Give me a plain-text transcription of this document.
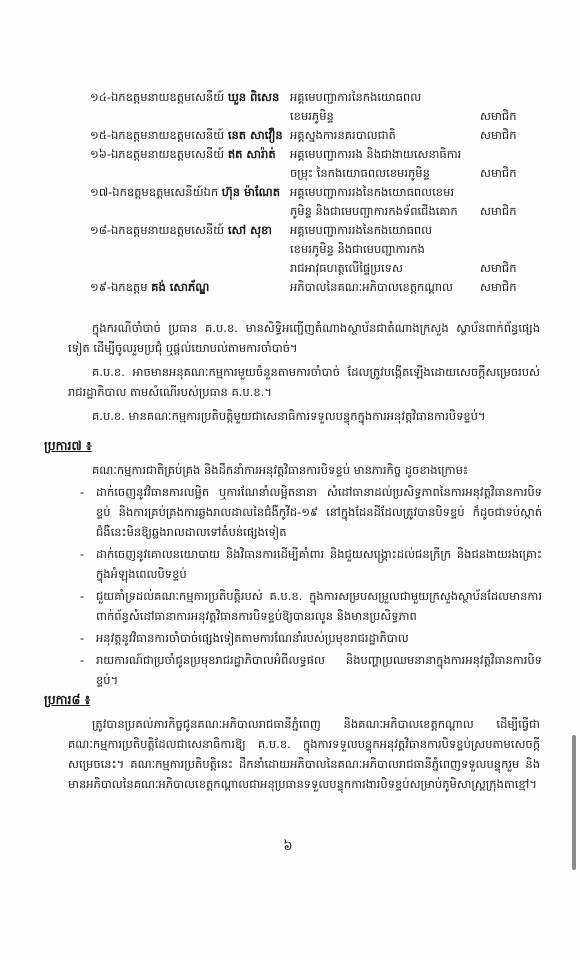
១៤-ឯកឧត្តមនាយឧត្តមសេនីយ៍ ឃួន ពិសេន អគ្គមេបញ្ជាការនៃកងយោធពល
ខេមរភូមិន្ទ	សមាជិក
១៥-ឯកឧត្តមនាយឧត្តមសេនីយ៍ នេត សាវឿន អគ្គស្នងការនគរបាលជាតិ	សមាជិក
១៦-ឯកឧត្តមនាយឧត្តមសេនីយ៍ ឥត សារ៉ាត់	អគ្គមេបញ្ជាការរង និងជាងាយសេនាធិការ
ចម្រុះ នៃកងយោធពលខេមរភូមិន្ទ	សមាជិក
១៧-ឯកឧត្តមឧត្តមសេនីយ៍ឯក ហ៊ុន ម៉ាណែត អគ្គមេបញ្ជាការរងនៃកងយោធពលខេមរ
ភូមិន្ទ និងជាមេបញ្ជាការកងទ័ពជើងគោក	សមាជិក
១៨-ឯកឧត្តមនាយឧត្តមសេនីយ៍ សៅ សុខា	អគ្គមេបញ្ជាការរងនៃកងយោធពល
ខេមរភូមិន្ទ និងជាមេបញ្ជាការកង
រាជអាវុធហត្ថលើផ្ទៃប្រទេស	សមាជិក
១៩-ឯកឧត្តម គង់ សោភ័ណ្ឌ	អភិបាលនៃគណៈអភិបាលខេត្តកណ្តាល	សមាជិក

ក្នុងករណីចាំបាច់ ប្រធាន គ.ប.ខ. មានសិទ្ធិអញ្ជើញតំណាងស្ថាប័នជាតំណាងក្រសួង ស្ថាប័នពាក់ព័ន្ធផ្សេងទៀត ដើម្បីចូលរួមប្រជុំ ឬផ្តល់យោបល់តាមការចាំបាច់។

គ.ប.ខ. អាចមានអនុគណៈកម្មការមួយចំនួនតាមការចាំបាច់ ដែលត្រូវបង្កើតឡើងដោយសេចក្តីសម្រេចរបស់រាជរដ្ឋាភិបាល តាមសំណើរបស់ប្រធាន គ.ប.ខ.។

គ.ប.ខ. មានគណៈកម្មការប្រតិបត្តិមួយជាសេនាធិការទទួលបន្ទុកក្នុងការអនុវត្តវិធានការបិទខ្ទប់។

ប្រការ៧ ៖

គណៈកម្មការជាតិគ្រប់គ្រង និងដឹកនាំការអនុវត្តវិធានការបិទខ្ទប់ មានភារកិច្ច ដូចខាងក្រោម៖

- ដាក់ចេញនូវវិធានការលម្អិត ឬការណែនាំលម្អិតនានា សំដៅធានាដល់ប្រសិទ្ធភាពនៃការអនុវត្តវិធានការបិទខ្ទប់ និងការគ្រប់គ្រងការឆ្លងរាលដាលនៃជំងឺកូវីដ-១៩ នៅក្នុងដែនដីដែលត្រូវបានបិទខ្ទប់ ក៏ដូចជាទប់ស្កាត់ជំងឺនេះមិនឱ្យឆ្លងរាលដាលទៅតំបន់ផ្សេងទៀត
- ដាក់ចេញនូវគោលនយោបាយ និងវិធានការដើម្បីគាំពារ និងជួយសង្គ្រោះដល់ជនក្រីក្រ និងជនងាយរងគ្រោះក្នុងអំឡុងពេលបិទខ្ទប់
- ជួយគាំទ្រដល់គណៈកម្មការប្រតិបត្តិរបស់ គ.ប.ខ. ក្នុងការសម្របសម្រួលជាមួយក្រសួងស្ថាប័នដែលមានការពាក់ព័ន្ធសំដៅធានាការអនុវត្តវិធានការបិទខ្ទប់ឱ្យបានរលូន និងមានប្រសិទ្ធភាព
- អនុវត្តនូវវិធានការចាំបាច់ផ្សេងទៀតតាមការណែនាំរបស់ប្រមុខរាជរដ្ឋាភិបាល
- រាយការណ៍ជាប្រចាំជូនប្រមុខរាជរដ្ឋាភិបាលអំពីលទ្ធផល និងបញ្ហាប្រឈមនានាក្នុងការអនុវត្តវិធានការបិទខ្ទប់។
ប្រការ៨ ៖

ត្រូវបានប្រគល់ភារកិច្ចជូនគណៈអភិបាលរាជធានីភ្នំពេញ និងគណៈអភិបាលខេត្តកណ្តាល ដើម្បីធ្វើជាគណៈកម្មការប្រតិបត្តិដែលជាសេនាធិការឱ្យ គ.ប.ខ. ក្នុងការទទួលបន្ទុកអនុវត្តវិធានការបិទខ្ទប់ស្របតាមសេចក្តីសម្រេចនេះ។ គណៈកម្មការប្រតិបត្តិនេះ ដឹកនាំដោយអភិបាលនៃគណៈអភិបាលរាជធានីភ្នំពេញទទួលបន្ទុករួម និងមានអភិបាលនៃគណៈអភិបាលខេត្តកណ្តាលជាអនុប្រធានទទួលបន្ទុកការងារបិទខ្ទប់សម្រាប់ភូមិសាស្ត្រក្រុងតាខ្មៅ។

៦
